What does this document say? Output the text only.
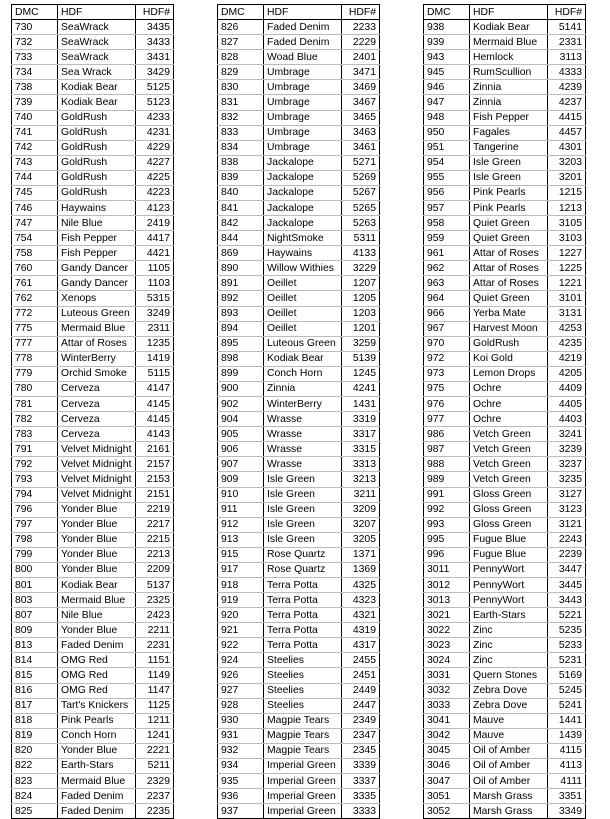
DMC	HDF	HDF#
730	SeaWrack	3435
732	SeaWrack	3433
733	SeaWrack	3431
734	Sea Wrack	3429
738	Kodiak Bear	5125
739	Kodiak Bear	5123
740	GoldRush	4233
741	GoldRush	4231
742	GoldRush	4229
743	GoldRush	4227
744	GoldRush	4225
745	GoldRush	4223
746	Haywains	4123
747	Nile Blue	2419
754	Fish Pepper	4417
758	Fish Pepper	4421
760	Gandy Dancer	1105
761	Gandy Dancer	1103
762	Xenops	5315
772	Luteous Green	3249
775	Mermaid Blue	2311
777	Attar of Roses	1235
778	WinterBerry	1419
779	Orchid Smoke	5115
780	Cerveza	4147
781	Cerveza	4145
782	Cerveza	4145
783	Cerveza	4143
791	Velvet Midnight	2161
792	Velvet Midnight	2157
793	Velvet Midnight	2153
794	Velvet Midnight	2151
796	Yonder Blue	2219
797	Yonder Blue	2217
798	Yonder Blue	2215
799	Yonder Blue	2213
800	Yonder Blue	2209
801	Kodiak Bear	5137
803	Mermaid Blue	2325
807	Nile Blue	2423
809	Yonder Blue	2211
813	Faded Denim	2231
814	OMG Red	1151
815	OMG Red	1149
816	OMG Red	1147
817	Tart's Knickers	1125
818	Pink Pearls	1211
819	Conch Horn	1241
820	Yonder Blue	2221
822	Earth-Stars	5211
823	Mermaid Blue	2329
824	Faded Denim	2237
825	Faded Denim	2235
DMC	HDF	HDF#
826	Faded Denim	2233
827	Faded Denim	2229
828	Woad Blue	2401
829	Umbrage	3471
830	Umbrage	3469
831	Umbrage	3467
832	Umbrage	3465
833	Umbrage	3463
834	Umbrage	3461
838	Jackalope	5271
839	Jackalope	5269
840	Jackalope	5267
841	Jackalope	5265
842	Jackalope	5263
844	NightSmoke	5311
869	Haywains	4133
890	Willow Withies	3229
891	Oeillet	1207
892	Oeillet	1205
893	Oeillet	1203
894	Oeillet	1201
895	Luteous Green	3259
898	Kodiak Bear	5139
899	Conch Horn	1245
900	Zinnia	4241
902	WinterBerry	1431
904	Wrasse	3319
905	Wrasse	3317
906	Wrasse	3315
907	Wrasse	3313
909	Isle Green	3213
910	Isle Green	3211
911	Isle Green	3209
912	Isle Green	3207
913	Isle Green	3205
915	Rose Quartz	1371
917	Rose Quartz	1369
918	Terra Potta	4325
919	Terra Potta	4323
920	Terra Potta	4321
921	Terra Potta	4319
922	Terra Potta	4317
924	Steelies	2455
926	Steelies	2451
927	Steelies	2449
928	Steelies	2447
930	Magpie Tears	2349
931	Magpie Tears	2347
932	Magpie Tears	2345
934	Imperial Green	3339
935	Imperial Green	3337
936	Imperial Green	3335
937	Imperial Green	3333
DMC	HDF	HDF#
938	Kodiak Bear	5141
939	Mermaid Blue	2331
943	Hemlock	3113
945	RumScullion	4333
946	Zinnia	4239
947	Zinnia	4237
948	Fish Pepper	4415
950	Fagales	4457
951	Tangerine	4301
954	Isle Green	3203
955	Isle Green	3201
956	Pink Pearls	1215
957	Pink Pearls	1213
958	Quiet Green	3105
959	Quiet Green	3103
961	Attar of Roses	1227
962	Attar of Roses	1225
963	Attar of Roses	1221
964	Quiet Green	3101
966	Yerba Mate	3131
967	Harvest Moon	4253
970	GoldRush	4235
972	Koi Gold	4219
973	Lemon Drops	4205
975	Ochre	4409
976	Ochre	4405
977	Ochre	4403
986	Vetch Green	3241
987	Vetch Green	3239
988	Vetch Green	3237
989	Vetch Green	3235
991	Gloss Green	3127
992	Gloss Green	3123
993	Gloss Green	3121
995	Fugue Blue	2243
996	Fugue Blue	2239
3011	PennyWort	3447
3012	PennyWort	3445
3013	PennyWort	3443
3021	Earth-Stars	5221
3022	Zinc	5235
3023	Zinc	5233
3024	Zinc	5231
3031	Quern Stones	5169
3032	Zebra Dove	5245
3033	Zebra Dove	5241
3041	Mauve	1441
3042	Mauve	1439
3045	Oil of Amber	4115
3046	Oil of Amber	4113
3047	Oil of Amber	4111
3051	Marsh Grass	3351
3052	Marsh Grass	3349
